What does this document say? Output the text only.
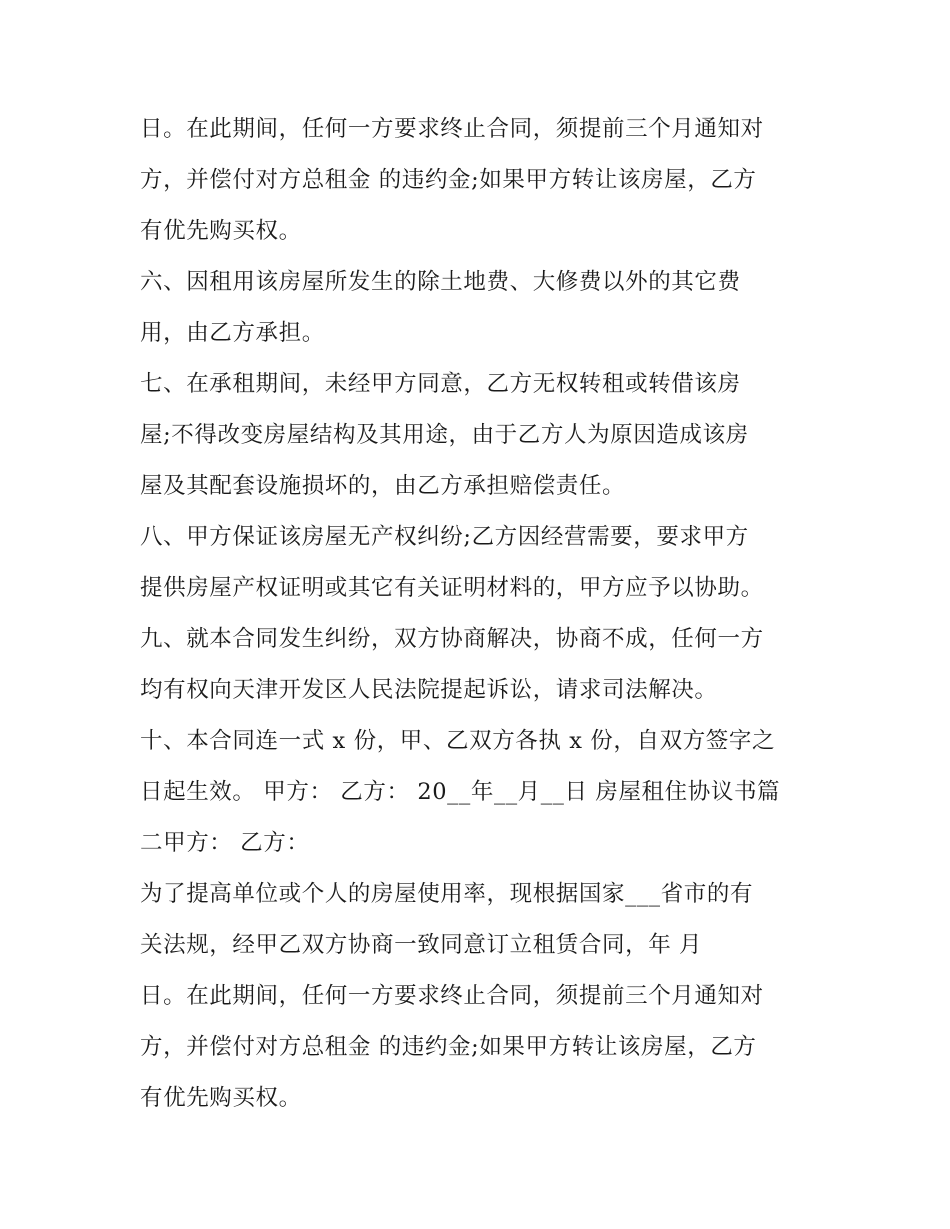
日。在此期间，任何一方要求终止合同，须提前三个月通知对
方，并偿付对方总租金 的违约金;如果甲方转让该房屋，乙方
有优先购买权。
六、因租用该房屋所发生的除土地费、大修费以外的其它费
用，由乙方承担。
七、在承租期间，未经甲方同意，乙方无权转租或转借该房
屋;不得改变房屋结构及其用途，由于乙方人为原因造成该房
屋及其配套设施损坏的，由乙方承担赔偿责任。
八、甲方保证该房屋无产权纠纷;乙方因经营需要，要求甲方
提供房屋产权证明或其它有关证明材料的，甲方应予以协助。
九、就本合同发生纠纷，双方协商解决，协商不成，任何一方
均有权向天津开发区人民法院提起诉讼，请求司法解决。
十、本合同连一式 x 份，甲、乙双方各执 x 份，自双方签字之
日起生效。 甲方： 乙方： 20__年__月__日 房屋租住协议书篇
二甲方： 乙方：
为了提高单位或个人的房屋使用率，现根据国家___省市的有
关法规，经甲乙双方协商一致同意订立租赁合同，年 月
日。在此期间，任何一方要求终止合同，须提前三个月通知对
方，并偿付对方总租金 的违约金;如果甲方转让该房屋，乙方
有优先购买权。
